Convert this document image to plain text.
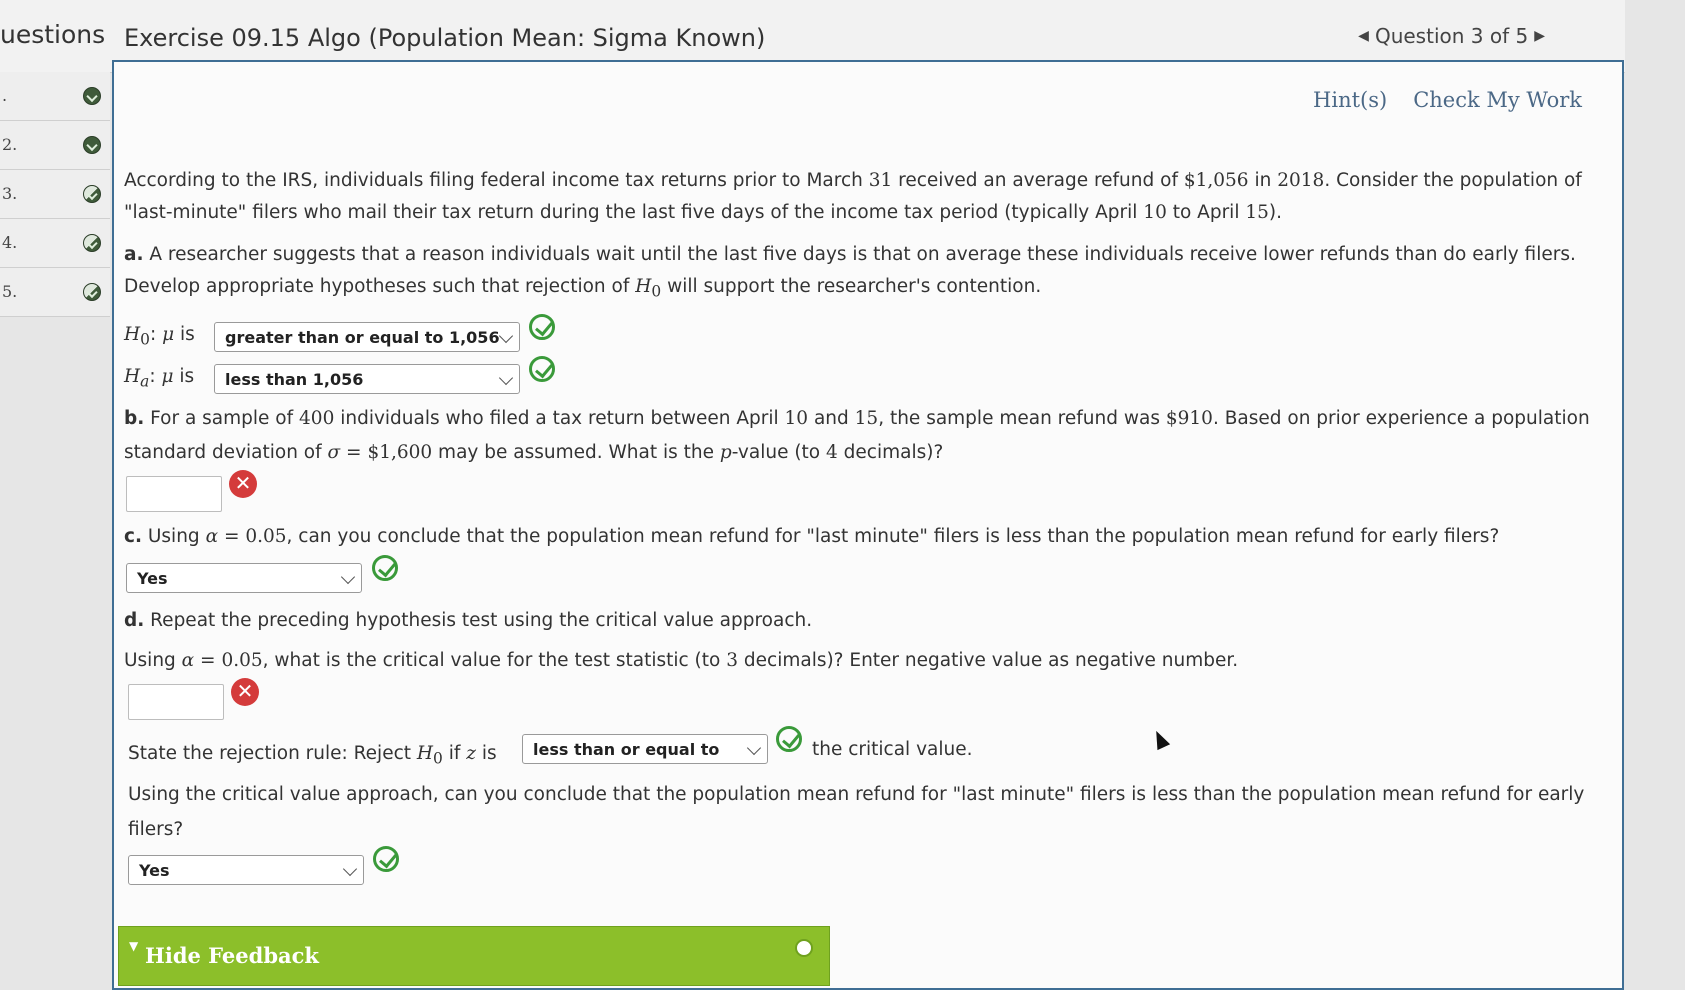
uestions Exercise 09.15 Algo (Population Mean: Sigma Known)	◀ Question 3 of 5 ▶
.
2.
3.
4.
5.
Hint(s) Check My Work
According to the IRS, individuals filing federal income tax returns prior to March 31 received an average refund of $1,056 in 2018. Consider the population of
"last-minute" filers who mail their tax return during the last five days of the income tax period (typically April 10 to April 15).
a. A researcher suggests that a reason individuals wait until the last five days is that on average these individuals receive lower refunds than do early filers.
Develop appropriate hypotheses such that rejection of $H_0$ will support the researcher's contention.
$H_0$: μ is	greater than or equal to 1,056
$H_a$: μ is	less than 1,056
b. For a sample of 400 individuals who filed a tax return between April 10 and 15, the sample mean refund was $910. Based on prior experience a population
standard deviation of σ = $1,600 may be assumed. What is the p-value (to 4 decimals)?
✕
c. Using α = 0.05, can you conclude that the population mean refund for "last minute" filers is less than the population mean refund for early filers?
Yes
d. Repeat the preceding hypothesis test using the critical value approach.
Using α = 0.05, what is the critical value for the test statistic (to 3 decimals)? Enter negative value as negative number.
✕
State the rejection rule: Reject $H_0$ if z is	less than or equal to	the critical value.
Using the critical value approach, can you conclude that the population mean refund for "last minute" filers is less than the population mean refund for early
filers?
Yes
▼ Hide Feedback
